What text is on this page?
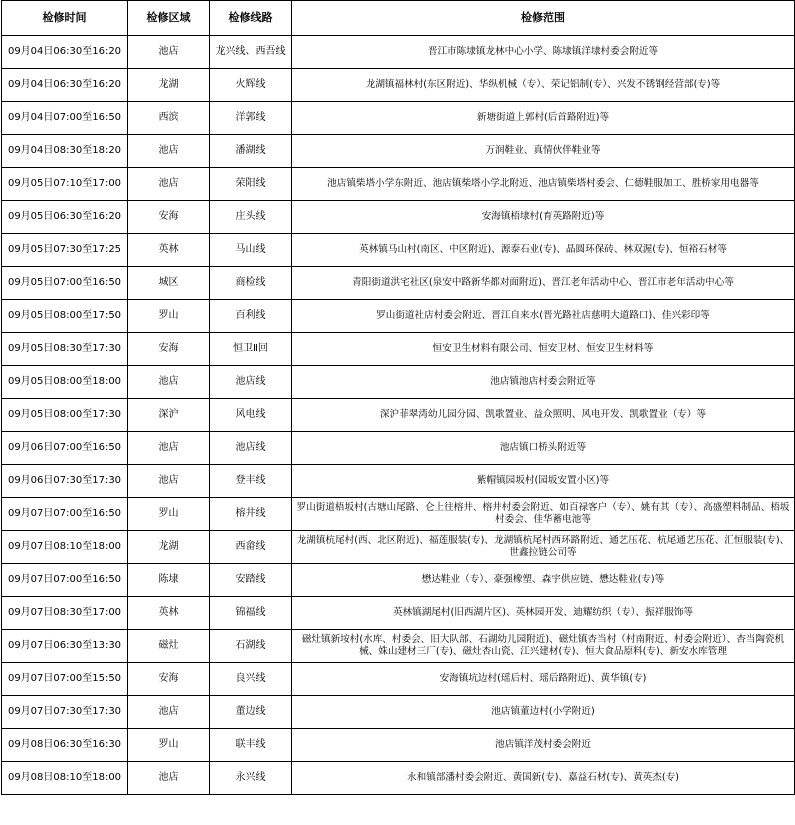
检修时间	检修区域	检修线路	检修范围
09月04日06:30至16:20	池店	龙兴线、西吾线	晋江市陈埭镇龙林中心小学、陈埭镇洋埭村委会附近等
09月04日06:30至16:20	龙湖	火辉线	龙湖镇福林村(东区附近)、华纵机械（专）、荣记铝制(专）、兴发不锈钢经营部(专)等
09月04日07:00至16:50	西滨	洋郭线	新塘街道上郭村(后首路附近)等
09月04日08:30至18:20	池店	潘湖线	万润鞋业、真情伙伴鞋业等
09月05日07:10至17:00	池店	荣阳线	池店镇柴塔小学东附近、池店镇柴塔小学北附近、池店镇柴塔村委会、仁德鞋服加工、胜桥家用电器等
09月05日06:30至16:20	安海	庄头线	安海镇梧埭村(育英路附近)等
09月05日07:30至17:25	英林	马山线	英林镇马山村(南区、中区附近)、源泰石业(专)、晶圆环保砖、林双渥(专)、恒裕石材等
09月05日07:00至16:50	城区	商检线	青阳街道洪宅社区(泉安中路新华都对面附近)、晋江老年活动中心、晋江市老年活动中心等
09月05日08:00至17:50	罗山	百利线	罗山街道社店村委会附近、晋江自来水(晋光路社店慈明大道路口)、佳兴彩印等
09月05日08:30至17:30	安海	恒卫Ⅱ回	恒安卫生材料有限公司、恒安卫材、恒安卫生材料等
09月05日08:00至18:00	池店	池店线	池店镇池店村委会附近等
09月05日08:00至17:30	深沪	风电线	深沪菲翠湾幼儿园分园、凯歌置业、益众照明、风电开发、凯歌置业（专）等
09月06日07:00至16:50	池店	池店线	池店镇口桥头附近等
09月06日07:30至17:30	池店	登丰线	紫帽镇园坂村(园坂安置小区)等
09月07日07:00至16:50	罗山	榕井线	罗山街道梧坂村(古塘山尾路、仑上往榕井、榕井村委会附近、如百禄客户（专）、姚有其（专）、高盛塑料制品、梧坂村委会、佳华蓄电池等
09月07日08:10至18:00	龙湖	西畲线	龙湖镇杭尾村(西、北区附近)、福莲服装(专)、龙湖镇杭尾村西环路附近、通艺压花、杭尾通艺压花、汇恒服装(专)、世鑫拉链公司等
09月07日07:00至16:50	陈埭	安踏线	懋达鞋业（专）、豪强橡塑、森宇供应链、懋达鞋业(专)等
09月07日08:30至17:00	英林	锦福线	英林镇湖尾村(旧西湖片区)、英林园开发、迪耀纺织（专）、振祥服饰等
09月07日06:30至13:30	磁灶	石湖线	磁灶镇新垵村(水库、村委会、旧大队部、石湖幼儿园附近)、磁灶镇杏当村（村南附近、村委会附近）、杏当陶瓷机械、姝山建材三厂(专)、磁灶杏山瓷、江兴建材(专)、恒大食品原料(专)、新安水库管理
09月07日07:00至15:50	安海	良兴线	安海镇坑边村(瑶后村、瑶后路附近)、黄华镇(专)
09月07日07:30至17:30	池店	董边线	池店镇董边村(小学附近)
09月08日06:30至16:30	罗山	联丰线	池店镇洋茂村委会附近
09月08日08:10至18:00	池店	永兴线	永和镇部潘村委会附近、黄国新(专)、嘉益石材(专)、黄英杰(专)
